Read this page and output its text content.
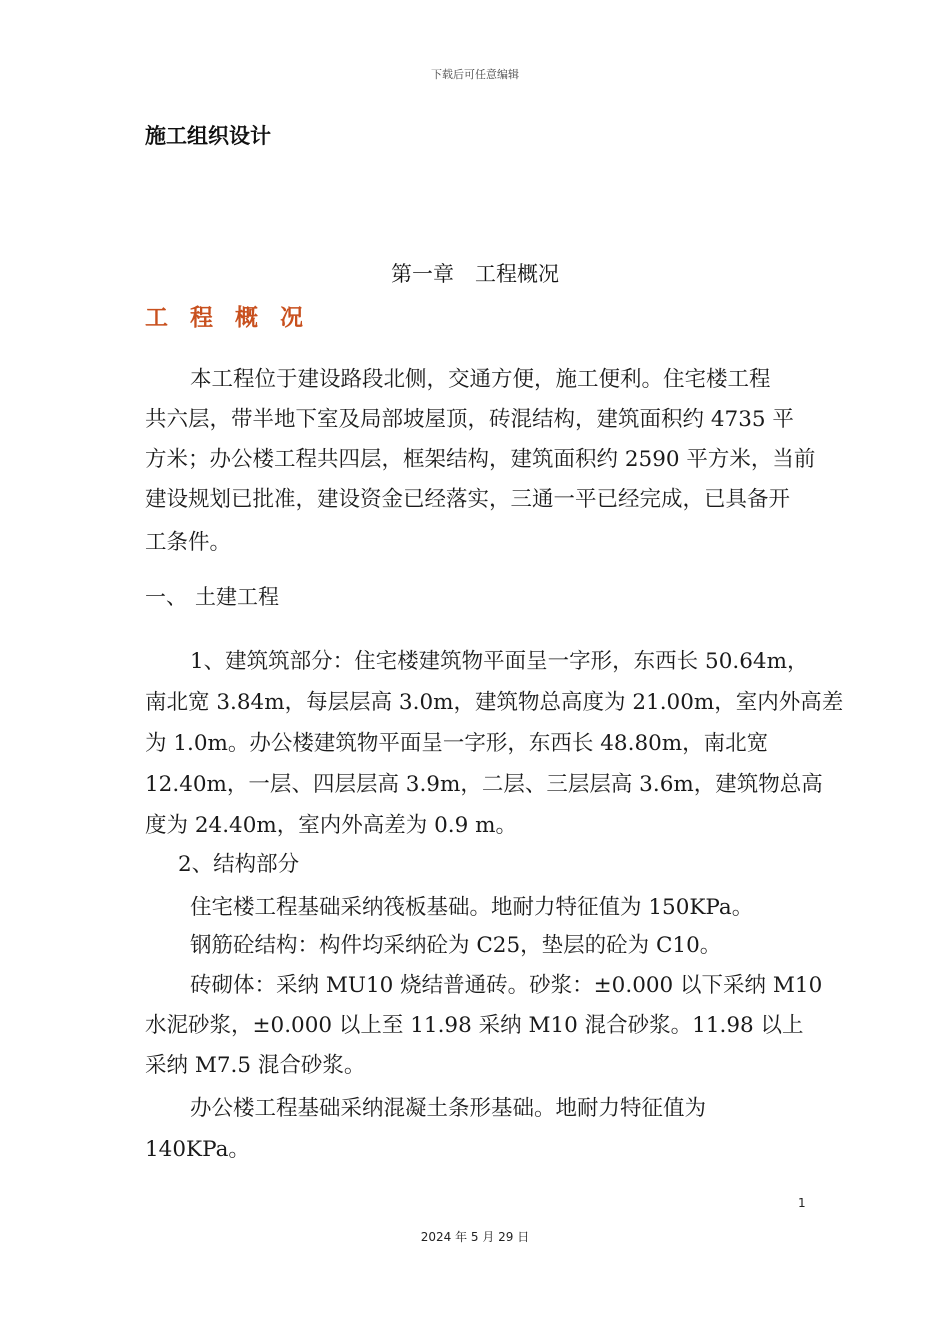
下载后可任意编辑
施工组织设计
第一章　工程概况
工 程 概 况
本工程位于建设路段北侧，交通方便，施工便利。住宅楼工程
共六层，带半地下室及局部坡屋顶，砖混结构，建筑面积约 4735 平
方米；办公楼工程共四层，框架结构，建筑面积约 2590 平方米，当前
建设规划已批准，建设资金已经落实，三通一平已经完成，已具备开
工条件。
一、 土建工程
1、建筑筑部分：住宅楼建筑物平面呈一字形，东西长 50.64m，
南北宽 3.84m，每层层高 3.0m，建筑物总高度为 21.00m，室内外高差
为 1.0m。办公楼建筑物平面呈一字形，东西长 48.80m，南北宽
12.40m，一层、四层层高 3.9m，二层、三层层高 3.6m，建筑物总高
度为 24.40m，室内外高差为 0.9 m。
2、结构部分
住宅楼工程基础采纳筏板基础。地耐力特征值为 150KPa。
钢筋砼结构：构件均采纳砼为 C25，垫层的砼为 C10。
砖砌体：采纳 MU10 烧结普通砖。砂浆：±0.000 以下采纳 M10
水泥砂浆，±0.000 以上至 11.98 采纳 M10 混合砂浆。11.98 以上
采纳 M7.5 混合砂浆。
办公楼工程基础采纳混凝土条形基础。地耐力特征值为
140KPa。
1
2024 年 5 月 29 日
